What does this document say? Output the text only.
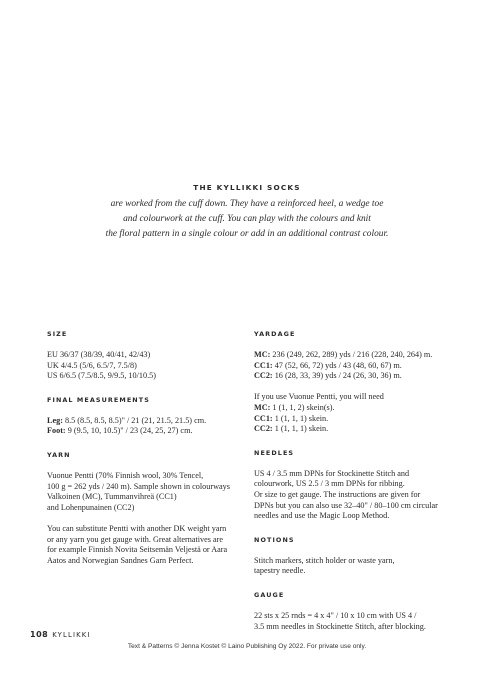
THE KYLLIKKI SOCKS
are worked from the cuff down. They have a reinforced heel, a wedge toe
and colourwork at the cuff. You can play with the colours and knit
the floral pattern in a single colour or add in an additional contrast colour.
SIZE
EU 36/37 (38/39, 40/41, 42/43)
UK 4/4.5 (5/6, 6.5/7, 7.5/8)
US 6/6.5 (7.5/8.5, 9/9.5, 10/10.5)
FINAL MEASUREMENTS
Leg: 8.5 (8.5, 8.5, 8.5)" / 21 (21, 21.5, 21.5) cm.
Foot: 9 (9.5, 10, 10.5)" / 23 (24, 25, 27) cm.
YARN
Vuonue Pentti (70% Finnish wool, 30% Tencel,
100 g = 262 yds / 240 m). Sample shown in colourways
Valkoinen (MC), Tummanvihreä (CC1)
and Lohenpunainen (CC2)
You can substitute Pentti with another DK weight yarn
or any yarn you get gauge with. Great alternatives are
for example Finnish Novita Seitsemän Veljestä or Aara
Aatos and Norwegian Sandnes Garn Perfect.
YARDAGE
MC: 236 (249, 262, 289) yds / 216 (228, 240, 264) m.
CC1: 47 (52, 66, 72) yds / 43 (48, 60, 67) m.
CC2: 16 (28, 33, 39) yds / 24 (26, 30, 36) m.
If you use Vuonue Pentti, you will need
MC: 1 (1, 1, 2) skein(s).
CC1: 1 (1, 1, 1) skein.
CC2: 1 (1, 1, 1) skein.
NEEDLES
US 4 / 3.5 mm DPNs for Stockinette Stitch and
colourwork, US 2.5 / 3 mm DPNs for ribbing.
Or size to get gauge. The instructions are given for
DPNs but you can also use 32–40" / 80–100 cm circular
needles and use the Magic Loop Method.
NOTIONS
Stitch markers, stitch holder or waste yarn,
tapestry needle.
GAUGE
22 sts x 25 rnds = 4 x 4" / 10 x 10 cm with US 4 /
3.5 mm needles in Stockinette Stitch, after blocking.
108 KYLLIKKI
Text & Patterns © Jenna Kostet © Laino Publishing Oy 2022. For private use only.
